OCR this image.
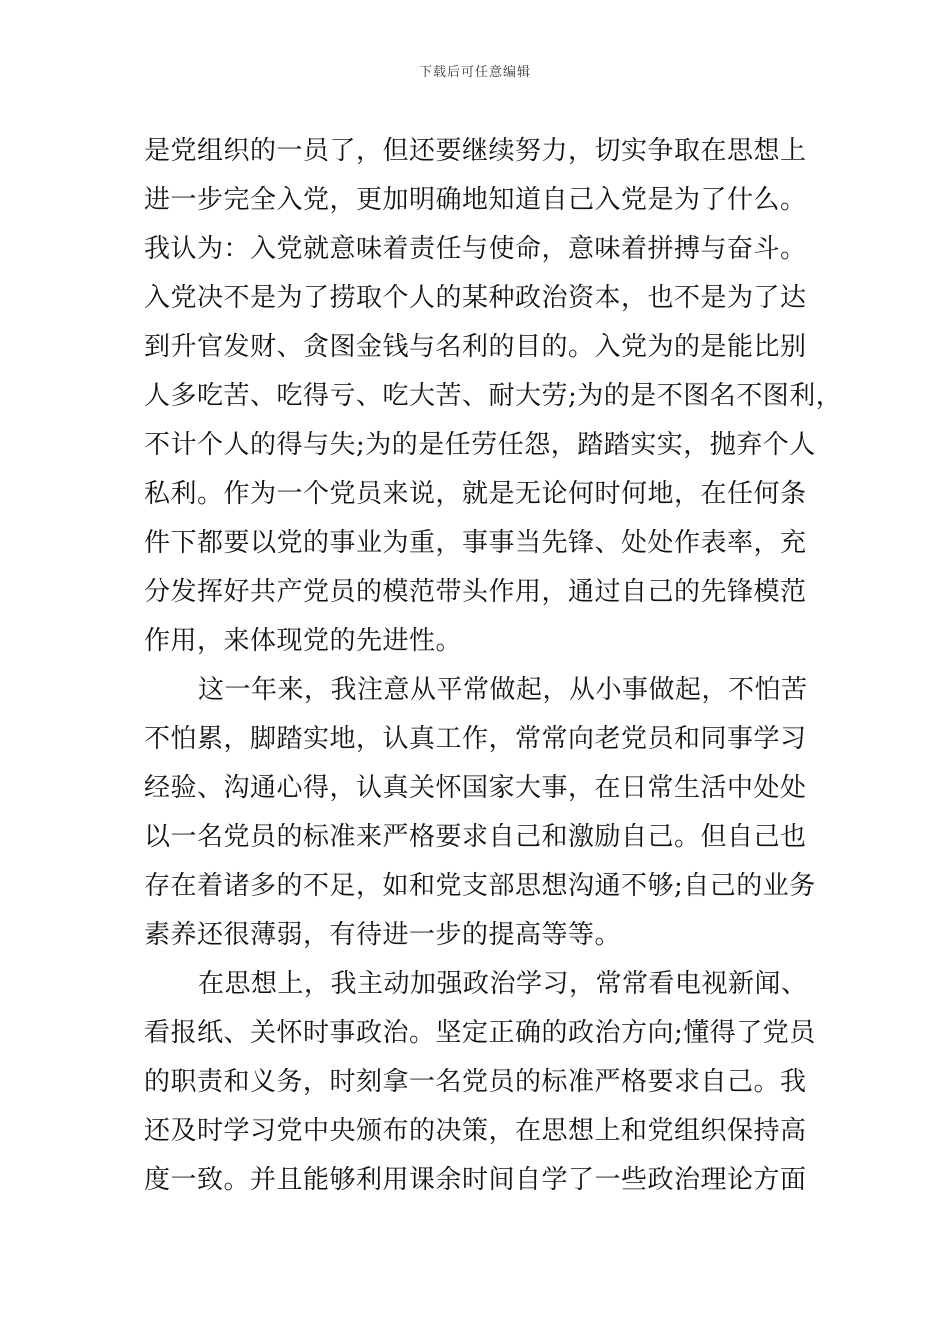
下载后可任意编辑
是党组织的一员了，但还要继续努力，切实争取在思想上
进一步完全入党，更加明确地知道自己入党是为了什么。
我认为：入党就意味着责任与使命，意味着拼搏与奋斗。
入党决不是为了捞取个人的某种政治资本，也不是为了达
到升官发财、贪图金钱与名利的目的。入党为的是能比别
人多吃苦、吃得亏、吃大苦、耐大劳;为的是不图名不图利，
不计个人的得与失;为的是任劳任怨，踏踏实实，抛弃个人
私利。作为一个党员来说，就是无论何时何地，在任何条
件下都要以党的事业为重，事事当先锋、处处作表率，充
分发挥好共产党员的模范带头作用，通过自己的先锋模范
作用，来体现党的先进性。
这一年来，我注意从平常做起，从小事做起，不怕苦
不怕累，脚踏实地，认真工作，常常向老党员和同事学习
经验、沟通心得，认真关怀国家大事，在日常生活中处处
以一名党员的标准来严格要求自己和激励自己。但自己也
存在着诸多的不足，如和党支部思想沟通不够;自己的业务
素养还很薄弱，有待进一步的提高等等。
在思想上，我主动加强政治学习，常常看电视新闻、
看报纸、关怀时事政治。坚定正确的政治方向;懂得了党员
的职责和义务，时刻拿一名党员的标准严格要求自己。我
还及时学习党中央颁布的决策，在思想上和党组织保持高
度一致。并且能够利用课余时间自学了一些政治理论方面
